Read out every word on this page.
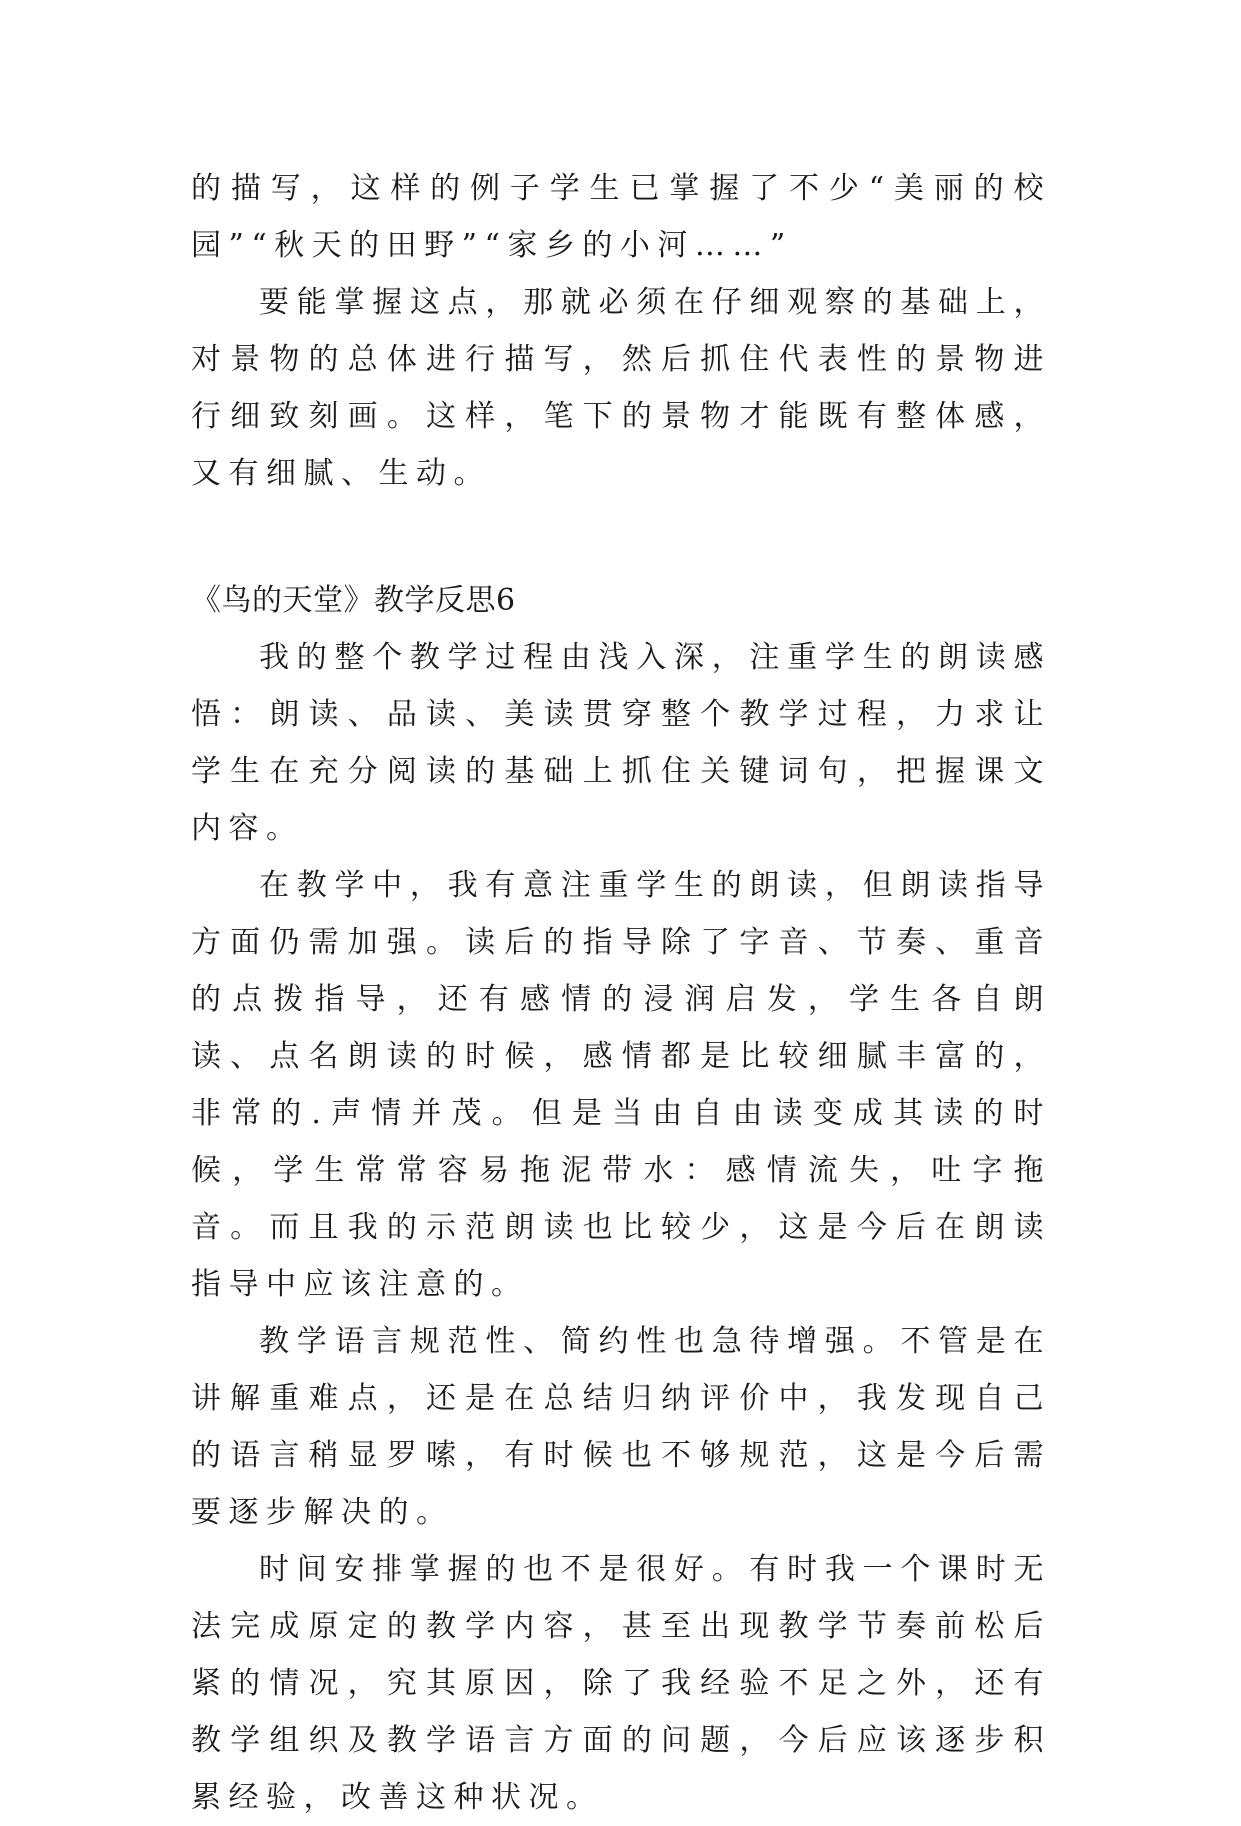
的描写，这样的例子学生已掌握了不少“美丽的校园”“秋天的田野”“家乡的小河……”

要能掌握这点，那就必须在仔细观察的基础上，对景物的总体进行描写，然后抓住代表性的景物进行细致刻画。这样，笔下的景物才能既有整体感，又有细腻、生动。

《鸟的天堂》教学反思6

我的整个教学过程由浅入深，注重学生的朗读感悟：朗读、品读、美读贯穿整个教学过程，力求让学生在充分阅读的基础上抓住关键词句，把握课文内容。

在教学中，我有意注重学生的朗读，但朗读指导方面仍需加强。读后的指导除了字音、节奏、重音的点拨指导，还有感情的浸润启发，学生各自朗读、点名朗读的时候，感情都是比较细腻丰富的，非常的.声情并茂。但是当由自由读变成其读的时候，学生常常容易拖泥带水：感情流失，吐字拖音。而且我的示范朗读也比较少，这是今后在朗读指导中应该注意的。

教学语言规范性、简约性也急待增强。不管是在讲解重难点，还是在总结归纳评价中，我发现自己的语言稍显罗嗦，有时候也不够规范，这是今后需要逐步解决的。

时间安排掌握的也不是很好。有时我一个课时无法完成原定的教学内容，甚至出现教学节奏前松后紧的情况，究其原因，除了我经验不足之外，还有教学组织及教学语言方面的问题，今后应该逐步积累经验，改善这种状况。
